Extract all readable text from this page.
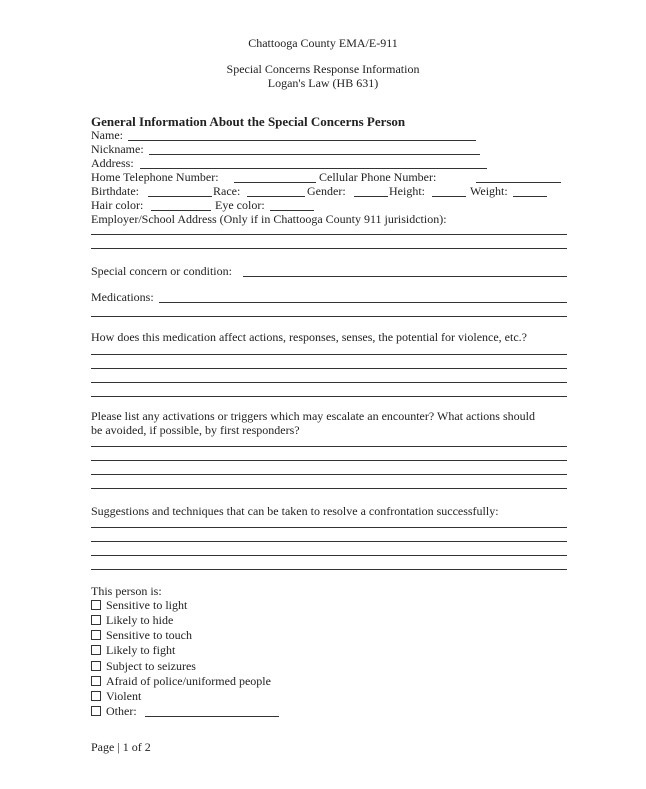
Chattooga County EMA/E-911
Special Concerns Response Information
Logan's Law (HB 631)
General Information About the Special Concerns Person
Name:
Nickname:
Address:
Home Telephone Number:	Cellular Phone Number:
Birthdate:	Race:	Gender:	Height:	Weight:
Hair color:	Eye color:
Employer/School Address (Only if in Chattooga County 911 jurisidction):
Special concern or condition:
Medications:
How does this medication affect actions, responses, senses, the potential for violence, etc.?
Please list any activations or triggers which may escalate an encounter? What actions should
be avoided, if possible, by first responders?
Suggestions and techniques that can be taken to resolve a confrontation successfully:
This person is:
Sensitive to light
Likely to hide
Sensitive to touch
Likely to fight
Subject to seizures
Afraid of police/uniformed people
Violent
Other:
Page | 1 of 2
